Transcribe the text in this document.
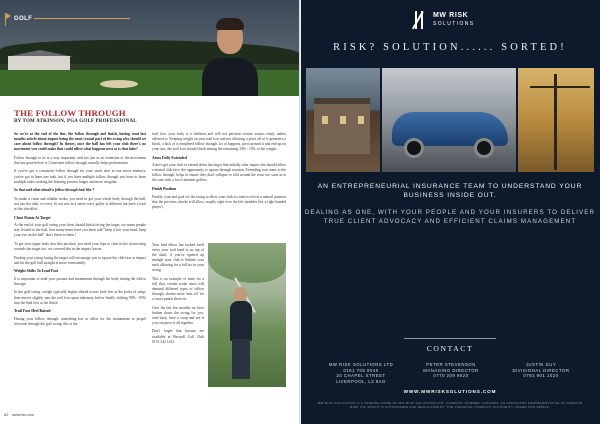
GOLF
THE FOLLOW THROUGH
BY TOM ATKINSON, PGA GOLF PROFESSIONAL

So we're at the end of the line, the follow through and finish, having read last months article about impact being the most crucial part of the swing why should we care about follow through? In theory, once the ball has left your club there's no movement you could make that could affect what happens next so is that false?

Follow through to us is a very important, and not just as an extension of the movement that has gone before it. Consistent follow through actually helps performance.

If you've got a consistent follow through for your stock shot in one move memory, you've got to learn one task, but if you have multiple follow through you have to learn multiple tasks, making the learning process longer and more irregular.

So that said what should a follow through look like ?

To make a clean and reliable strike, you need to get your whole body through the ball, not just the club, so every fit out sets in a sense every golfer is different but have a look at this checklist:

Chest Points At Target

At the end of your golf swing your chest should finish facing the target, too many people stay fixated to the ball, how many times have you been told "keep it low your head, keep your eye on the ball" don't listen to them !

To get your upper body into this position, you need your hips to clear in the downswing towards the target too, we covered this in the impact lesson.

Finding your swing facing the target will encourage you to square the club face at impact and hit the golf ball straight is more consistently.

Weight Shifts To Lead Foot

It is important to send your posture and momentum through the body during the follow through.

In the golf swing, weight typically begins shared across both feet at the point of setup, then moves slightly into the trail foot upon takeaway before finally shifting 90% - 95% into the lead foot at the finish.

Trail Foot Heel Raised

During your follow through, something has to allow for the momentum to propel forwards through the golf swing, this is the

trail foot, your body is a skeleton and will not perform certain actions easily unless allowed to. Keeping weight on your trail foot and not allowing a pivot off of it generates a block, a lack of a completed follow through, lot of happens, pivot around it and end up on your toes, the trail foot should finish aiming the remaining 10% - 15% of the weight.

Arms Fully Extended

Aim to get your club to extend down the target line initially after impact this should allow a neutral club face, the opportunity to square through rotation. Extending your arms to the follow through, helps to ensure they don't collapse or fold around the torso too soon as is the case with a lot of amateur golfers.

Finish Position

Finally, your end goal for the swing to allow your club to come to rest in a natural position that the previous checks will allow, usually right over the left shoulder (for a right handed player).

Your lead elbow has tucked itself every your trail hand is on top of the shaft, if you've opened up enough your club is behind your neck allowing for a full arc in your swing.

This is an example of mine for a full shot, certain scalar shots will demand different types of follow through, shorter more 'arm off' for a lower punch shots etc.

Over the last few months we have broken down the swing for you, read back, have a swap and see if you can piece it all together.

Don't forget that lessons are available at Heswall Golf Club 0151 342 1431.

62 www.fw.com
MW RISK
SOLUTIONS
RISK? SOLUTION...... SORTED!
AN ENTREPRENEURIAL INSURANCE TEAM TO UNDERSTAND YOUR BUSINESS INSIDE OUT.
DEALING AS ONE, WITH YOUR PEOPLE AND YOUR INSURERS TO DELIVER TRUE CLIENT ADVOCACY AND EFFICIENT CLAIMS MANAGEMENT
CONTACT
MW RISK SOLUTIONS LTD
0151 705 9040
20 CHAPEL STREET
LIVERPOOL, L3 9AG
PETER STEVENSON
MANAGING DIRECTOR
0770 209 9620
JUSTIN GUY
DIVISIONAL DIRECTOR
0792 901 1020
WWW.MWRISKSOLUTIONS.COM
MW RISK SOLUTIONS IS A TRADING NAME OF MW RISK SOLUTIONS LTD. COMPANY NUMBER: 12533469. AN APPOINTED REPRESENTATIVE OF ARMOUR RISK LTD WHICH IS AUTHORISED AND REGULATED BY THE FINANCIAL CONDUCT AUTHORITY UNDER FRN 488408.
